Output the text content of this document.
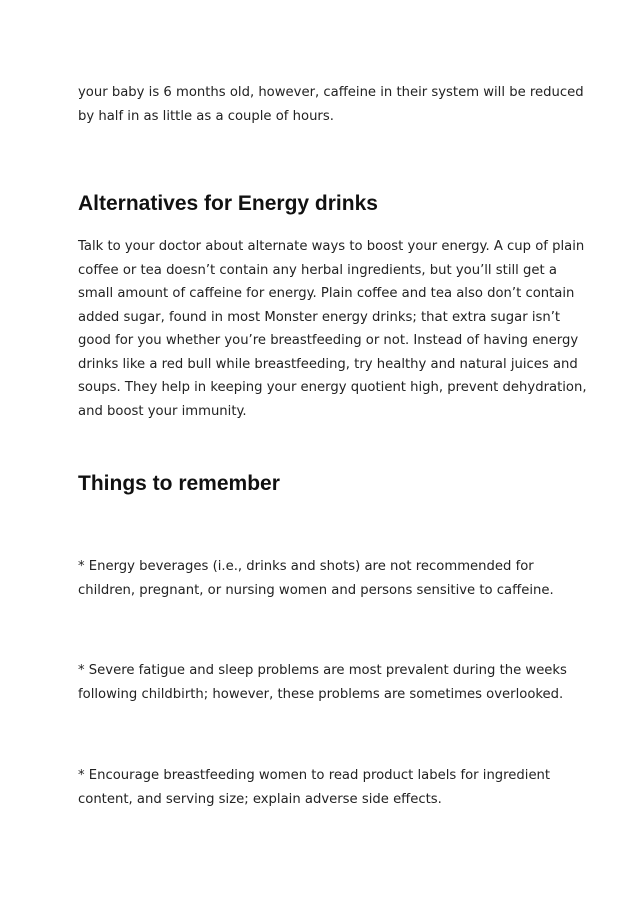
your baby is 6 months old, however, caffeine in their system will be reduced
by half in as little as a couple of hours.
Alternatives for Energy drinks
Talk to your doctor about alternate ways to boost your energy. A cup of plain
coffee or tea doesn’t contain any herbal ingredients, but you’ll still get a
small amount of caffeine for energy. Plain coffee and tea also don’t contain
added sugar, found in most Monster energy drinks; that extra sugar isn’t
good for you whether you’re breastfeeding or not. Instead of having energy
drinks like a red bull while breastfeeding, try healthy and natural juices and
soups. They help in keeping your energy quotient high, prevent dehydration,
and boost your immunity.
Things to remember
* Energy beverages (i.e., drinks and shots) are not recommended for
children, pregnant, or nursing women and persons sensitive to caffeine.
* Severe fatigue and sleep problems are most prevalent during the weeks
following childbirth; however, these problems are sometimes overlooked.
* Encourage breastfeeding women to read product labels for ingredient
content, and serving size; explain adverse side effects.
